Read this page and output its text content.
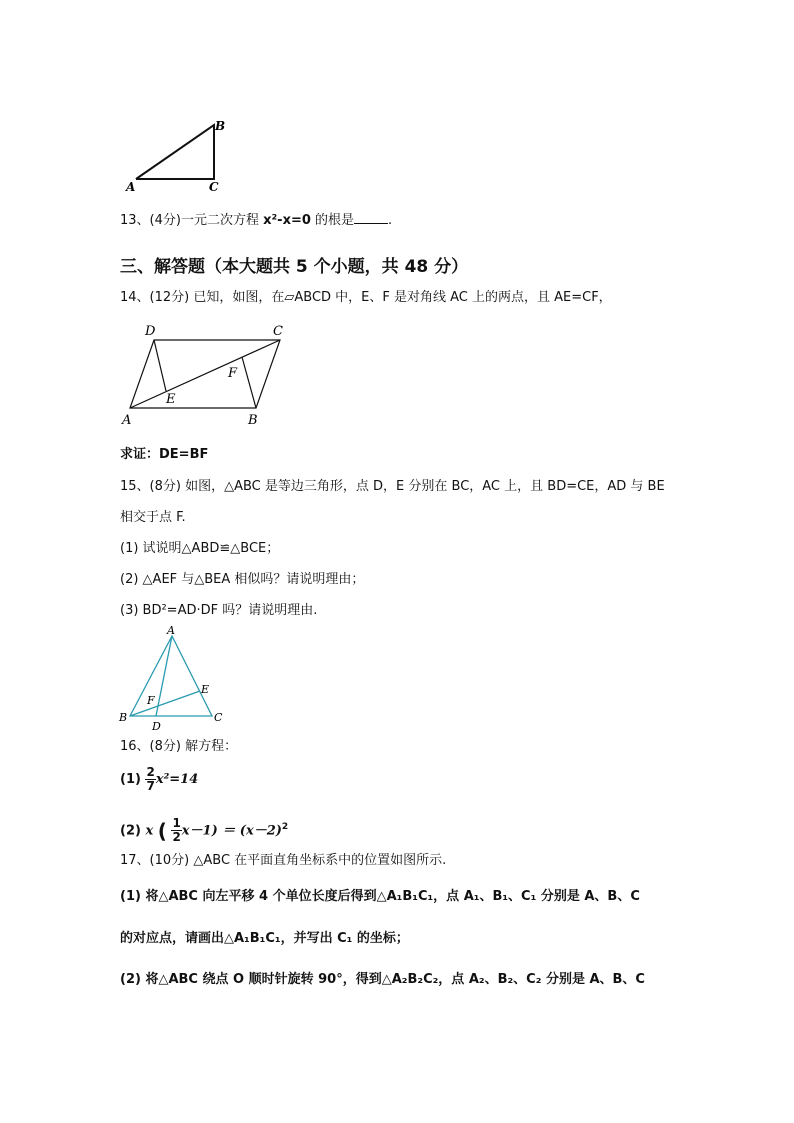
B
A	C
13、(4分)一元二次方程 x²-x=0 的根是	.
三、解答题（本大题共 5 个小题，共 48 分）
14、(12分) 已知，如图，在▱ABCD 中，E、F 是对角线 AC 上的两点，且 AE=CF，
D	C
F
E
A	B
求证：DE=BF
15、(8分) 如图，△ABC 是等边三角形，点 D，E 分别在 BC，AC 上，且 BD=CE，AD 与 BE
相交于点 F.
(1) 试说明△ABD≌△BCE；
(2) △AEF 与△BEA 相似吗？请说明理由；
(3) BD²=AD·DF 吗？请说明理由.
A
E
F
B
D
C
16、(8分) 解方程：
$(1) \frac{2}{7} x^2=14$
(2) x ( $\frac{1}{2} x-1) = (x-2)^2$
17、(10分) △ABC 在平面直角坐标系中的位置如图所示.
(1) 将△ABC 向左平移 4 个单位长度后得到△A₁B₁C₁，点 A₁、B₁、C₁ 分别是 A、B、C
的对应点，请画出△A₁B₁C₁，并写出 C₁ 的坐标；
(2) 将△ABC 绕点 O 顺时针旋转 90°，得到△A₂B₂C₂，点 A₂、B₂、C₂ 分别是 A、B、C
